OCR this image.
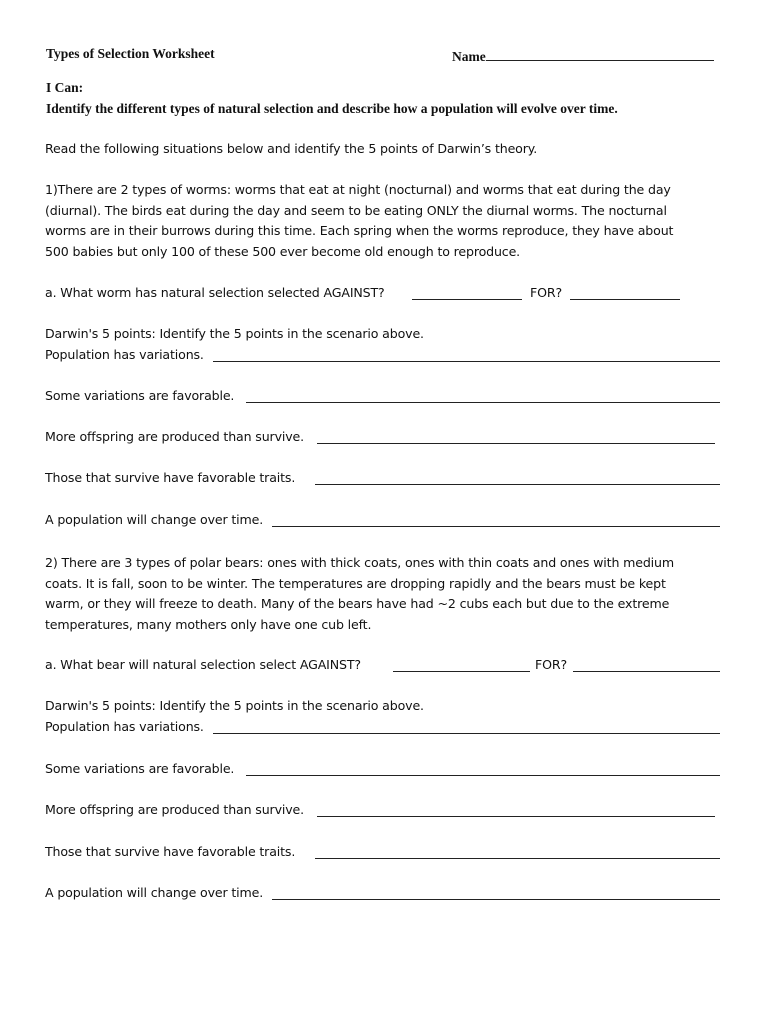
Types of Selection Worksheet	Name
I Can:
Identify the different types of natural selection and describe how a population will evolve over time.
Read the following situations below and identify the 5 points of Darwin’s theory.
1)There are 2 types of worms: worms that eat at night (nocturnal) and worms that eat during the day
(diurnal). The birds eat during the day and seem to be eating ONLY the diurnal worms. The nocturnal
worms are in their burrows during this time. Each spring when the worms reproduce, they have about
500 babies but only 100 of these 500 ever become old enough to reproduce.
a. What worm has natural selection selected AGAINST?	FOR?
Darwin's 5 points: Identify the 5 points in the scenario above.
Population has variations.
Some variations are favorable.
More offspring are produced than survive.
Those that survive have favorable traits.
A population will change over time.
2) There are 3 types of polar bears: ones with thick coats, ones with thin coats and ones with medium
coats. It is fall, soon to be winter. The temperatures are dropping rapidly and the bears must be kept
warm, or they will freeze to death. Many of the bears have had ~2 cubs each but due to the extreme
temperatures, many mothers only have one cub left.
a. What bear will natural selection select AGAINST?	FOR?
Darwin's 5 points: Identify the 5 points in the scenario above.
Population has variations.
Some variations are favorable.
More offspring are produced than survive.
Those that survive have favorable traits.
A population will change over time.
